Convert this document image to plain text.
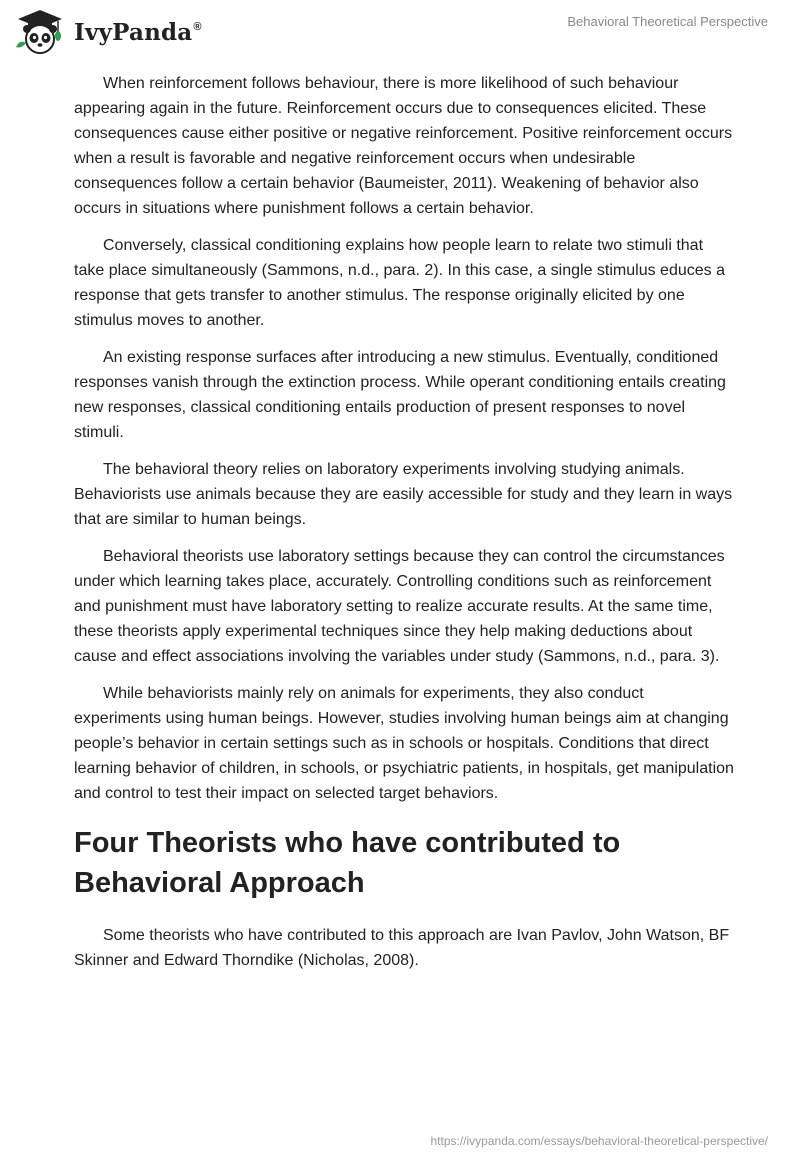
IvyPanda®	Behavioral Theoretical Perspective

When reinforcement follows behaviour, there is more likelihood of such behaviour appearing again in the future. Reinforcement occurs due to consequences elicited. These consequences cause either positive or negative reinforcement. Positive reinforcement occurs when a result is favorable and negative reinforcement occurs when undesirable consequences follow a certain behavior (Baumeister, 2011). Weakening of behavior also occurs in situations where punishment follows a certain behavior.

Conversely, classical conditioning explains how people learn to relate two stimuli that take place simultaneously (Sammons, n.d., para. 2). In this case, a single stimulus educes a response that gets transfer to another stimulus. The response originally elicited by one stimulus moves to another.

An existing response surfaces after introducing a new stimulus. Eventually, conditioned responses vanish through the extinction process. While operant conditioning entails creating new responses, classical conditioning entails production of present responses to novel stimuli.

The behavioral theory relies on laboratory experiments involving studying animals. Behaviorists use animals because they are easily accessible for study and they learn in ways that are similar to human beings.

Behavioral theorists use laboratory settings because they can control the circumstances under which learning takes place, accurately. Controlling conditions such as reinforcement and punishment must have laboratory setting to realize accurate results. At the same time, these theorists apply experimental techniques since they help making deductions about cause and effect associations involving the variables under study (Sammons, n.d., para. 3).

While behaviorists mainly rely on animals for experiments, they also conduct experiments using human beings. However, studies involving human beings aim at changing people’s behavior in certain settings such as in schools or hospitals. Conditions that direct learning behavior of children, in schools, or psychiatric patients, in hospitals, get manipulation and control to test their impact on selected target behaviors.

Four Theorists who have contributed to Behavioral Approach

Some theorists who have contributed to this approach are Ivan Pavlov, John Watson, BF Skinner and Edward Thorndike (Nicholas, 2008).

https://ivypanda.com/essays/behavioral-theoretical-perspective/
